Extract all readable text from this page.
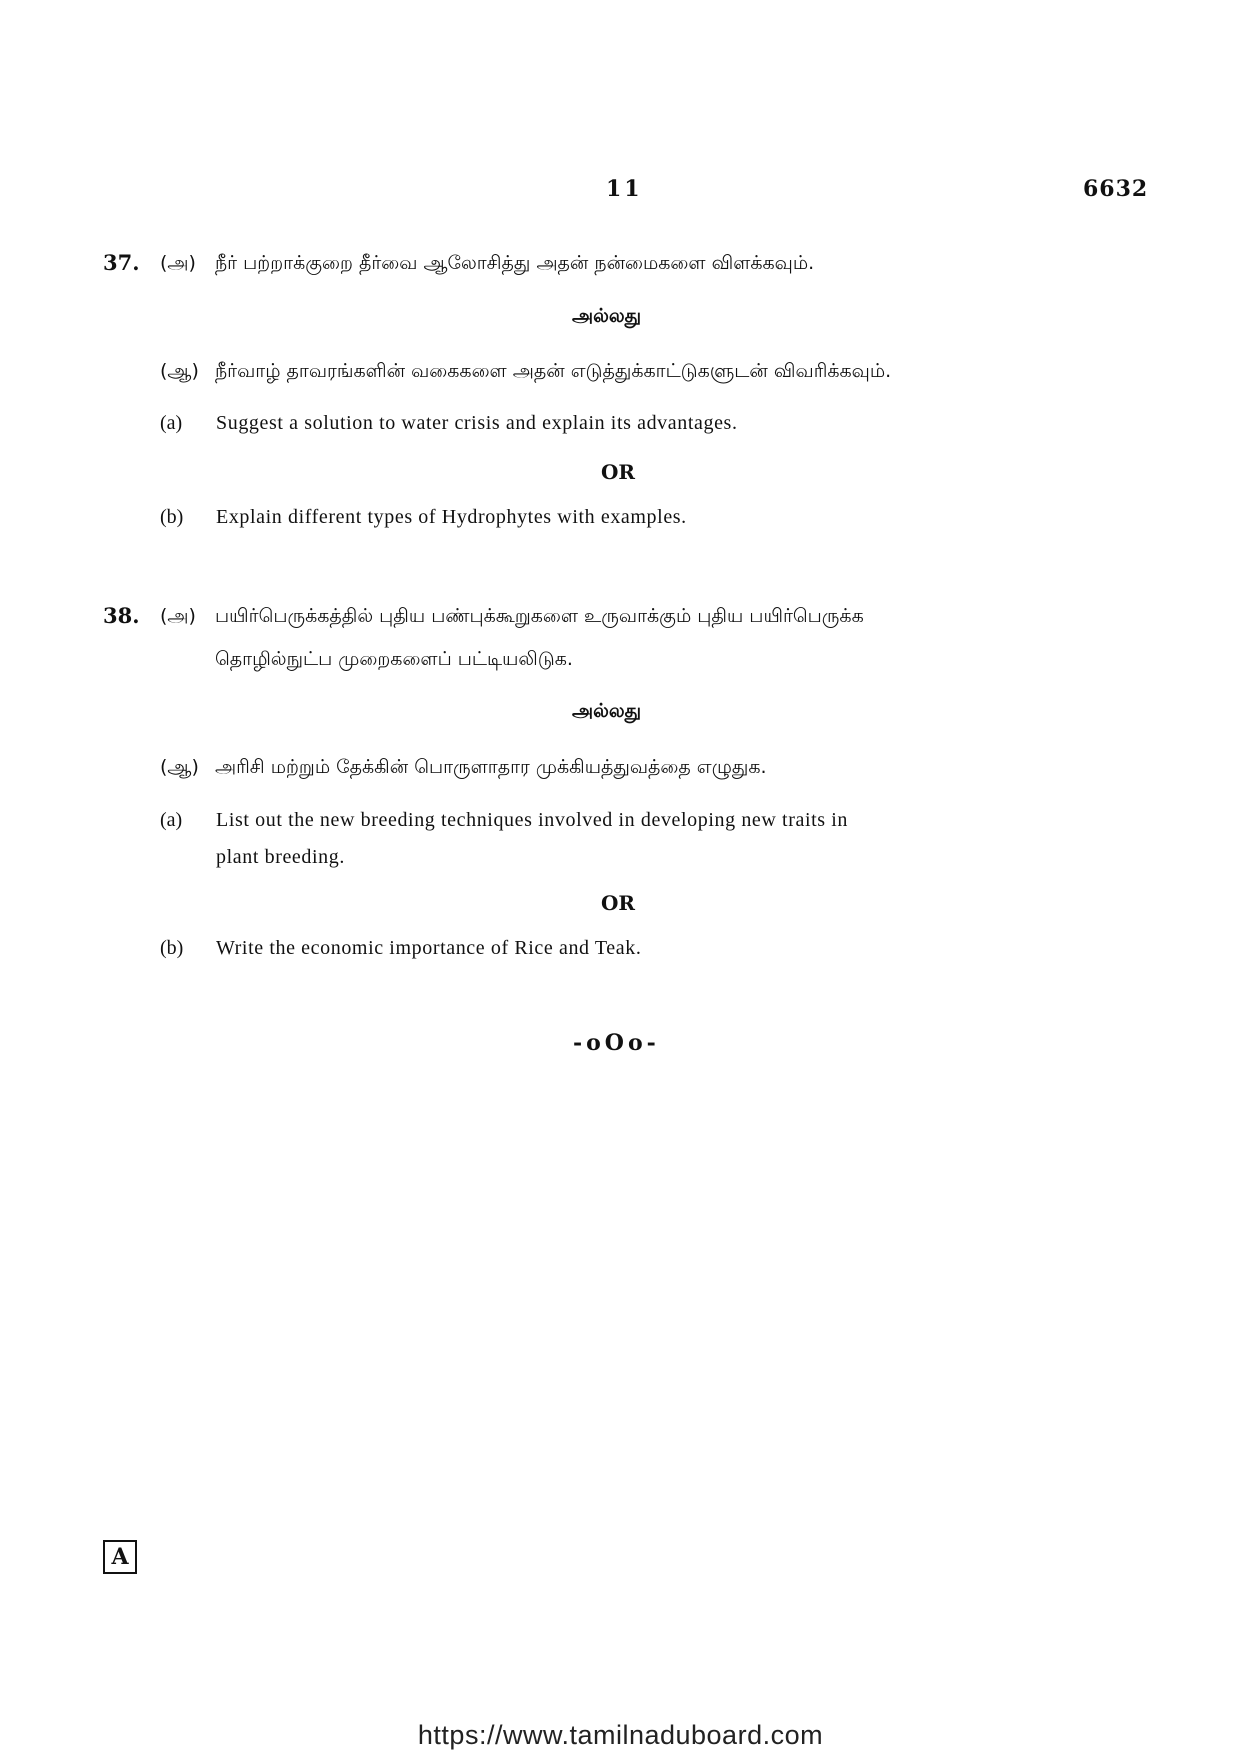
11	6632
37. (அ) நீர் பற்றாக்குறை தீர்வை ஆலோசித்து அதன் நன்மைகளை விளக்கவும்.
அல்லது
(ஆ) நீர்வாழ் தாவரங்களின் வகைகளை அதன் எடுத்துக்காட்டுகளுடன் விவரிக்கவும்.
(a) Suggest a solution to water crisis and explain its advantages.
OR
(b) Explain different types of Hydrophytes with examples.
38. (அ) பயிர்பெருக்கத்தில் புதிய பண்புக்கூறுகளை உருவாக்கும் புதிய பயிர்பெருக்க
தொழில்நுட்ப முறைகளைப் பட்டியலிடுக.
அல்லது
(ஆ) அரிசி மற்றும் தேக்கின் பொருளாதார முக்கியத்துவத்தை எழுதுக.
(a) List out the new breeding techniques involved in developing new traits in
plant breeding.
OR
(b) Write the economic importance of Rice and Teak.
-oOo-
A
https://www.tamilnaduboard.com
